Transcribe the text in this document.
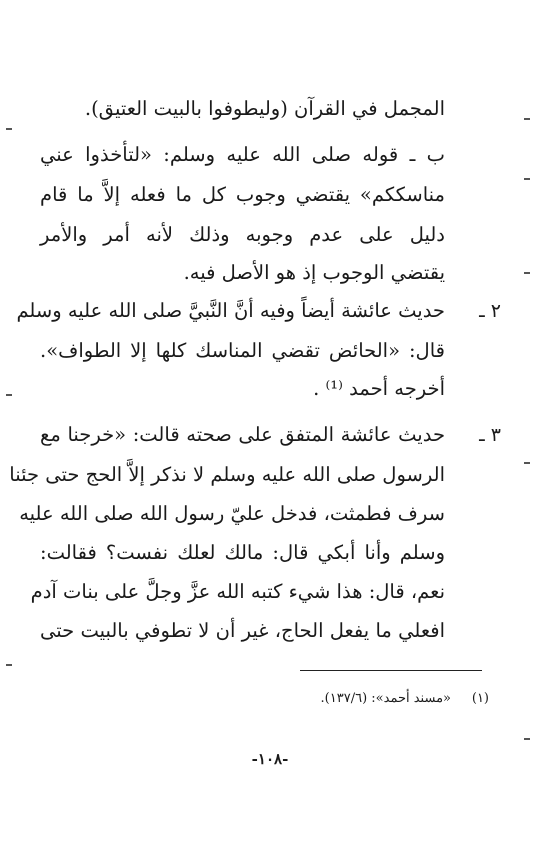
المجمل في القرآن (وليطوفوا بالبيت العتيق).
ب ـ قوله صلى الله عليه وسلم: «لتأخذوا عني
مناسككم» يقتضي وجوب كل ما فعله إلاَّ ما قام
دليل على عدم وجوبه وذلك لأنه أمر والأمر
يقتضي الوجوب إذ هو الأصل فيه.
٢ ـ
حديث عائشة أيضاً وفيه أنَّ النَّبيَّ صلى الله عليه وسلم
قال: «الحائض تقضي المناسك كلها إلا الطواف».
أخرجه أحمد ⁽¹⁾ .
٣ ـ
حديث عائشة المتفق على صحته قالت: «خرجنا مع
الرسول صلى الله عليه وسلم لا نذكر إلاَّ الحج حتى جئنا
سرف فطمثت، فدخل عليّ رسول الله صلى الله عليه
وسلم وأنا أبكي قال: مالك لعلك نفست؟ فقالت:
نعم، قال: هذا شيء كتبه الله عزَّ وجلَّ على بنات آدم
افعلي ما يفعل الحاج، غير أن لا تطوفي بالبيت حتى
(١)
«مسند أحمد»: (١٣٧/٦).
-١٠٨-
